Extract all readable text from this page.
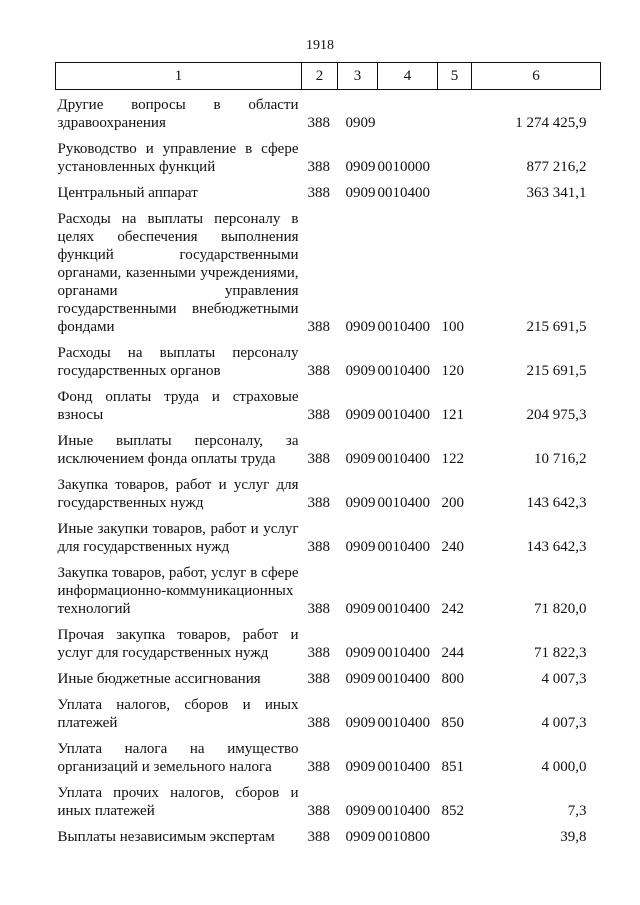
1918
1	2	3	4	5	6
Другие вопросы в области здравоохранения	388	0909			1 274 425,9
Руководство и управление в сфере установленных функций	388	0909	0010000		877 216,2
Центральный аппарат	388	0909	0010400		363 341,1
Расходы на выплаты персоналу в целях обеспечения выполнения функций государственными органами, казенными учреждениями, органами управления государственными внебюджетными фондами	388	0909	0010400	100	215 691,5
Расходы на выплаты персоналу государственных органов	388	0909	0010400	120	215 691,5
Фонд оплаты труда и страховые взносы	388	0909	0010400	121	204 975,3
Иные выплаты персоналу, за исключением фонда оплаты труда	388	0909	0010400	122	10 716,2
Закупка товаров, работ и услуг для государственных нужд	388	0909	0010400	200	143 642,3
Иные закупки товаров, работ и услуг для государственных нужд	388	0909	0010400	240	143 642,3
Закупка товаров, работ, услуг в сфере информационно-коммуникационных технологий	388	0909	0010400	242	71 820,0
Прочая закупка товаров, работ и услуг для государственных нужд	388	0909	0010400	244	71 822,3
Иные бюджетные ассигнования	388	0909	0010400	800	4 007,3
Уплата налогов, сборов и иных платежей	388	0909	0010400	850	4 007,3
Уплата налога на имущество организаций и земельного налога	388	0909	0010400	851	4 000,0
Уплата прочих налогов, сборов и иных платежей	388	0909	0010400	852	7,3
Выплаты независимым экспертам	388	0909	0010800		39,8
